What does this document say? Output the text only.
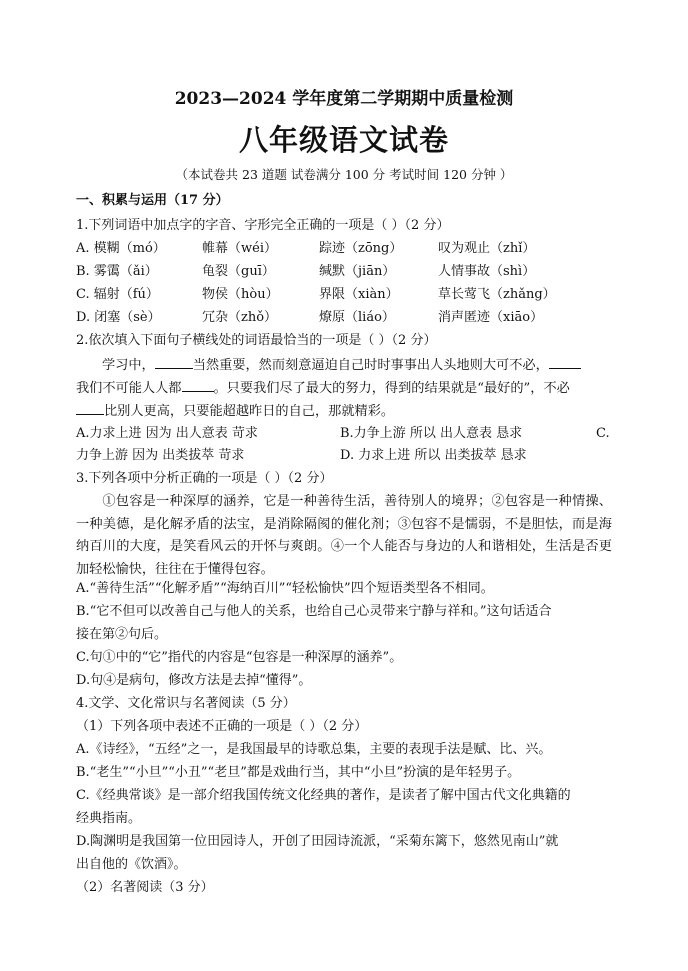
2023—2024 学年度第二学期期中质量检测
八年级语文试卷
（本试卷共 23 道题 试卷满分 100 分 考试时间 120 分钟 ）
一、积累与运用（17 分）
1.下列词语中加点字的字音、字形完全正确的一项是（ ）（2 分）
A. 模糊（mó）	帷幕（wéi）	踪迹（zōng）	叹为观止（zhǐ）
B. 雾霭（ǎi）	龟裂（guī）	缄默（jiān）	人情事故（shì）
C. 辐射（fú）	物侯（hòu）	界限（xiàn）	草长莺飞（zhǎng）
D. 闭塞（sè）	冗杂（zhǒ）	燎原（liáo）	消声匿迹（xiāo）
2.依次填入下面句子横线处的词语最恰当的一项是（ ）（2 分）
学习中，	当然重要，然而刻意逼迫自己时时事事出人头地则大可不必，
我们不可能人人都 。只要我们尽了最大的努力，得到的结果就是“最好的”，不必
比别人更高，只要能超越昨日的自己，那就精彩。
A.力求上进 因为 出人意表 苛求	B.力争上游 所以 出人意表 恳求	C.
力争上游 因为 出类拔萃 苛求	D. 力求上进 所以 出类拔萃 恳求
3.下列各项中分析正确的一项是（ ）（2 分）
①包容是一种深厚的涵养，它是一种善待生活，善待别人的境界；②包容是一种情操、一种美德，是化解矛盾的法宝，是消除隔阂的催化剂；③包容不是懦弱，不是胆怯，而是海纳百川的大度，是笑看风云的开怀与爽朗。④一个人能否与身边的人和谐相处，生活是否更加轻松愉快，往往在于懂得包容。
A.“善待生活”“化解矛盾”“海纳百川”“轻松愉快”四个短语类型各不相同。
B.“它不但可以改善自己与他人的关系，也给自己心灵带来宁静与祥和。”这句话适合
接在第②句后。
C.句①中的“它”指代的内容是“包容是一种深厚的涵养”。
D.句④是病句，修改方法是去掉“懂得”。
4.文学、文化常识与名著阅读（5 分）
（1）下列各项中表述不正确的一项是（ ）（2 分）
A.《诗经》，“五经”之一，是我国最早的诗歌总集，主要的表现手法是赋、比、兴。
B.“老生”“小旦”“小丑”“老旦”都是戏曲行当，其中“小旦”扮演的是年轻男子。
C.《经典常谈》是一部介绍我国传统文化经典的著作，是读者了解中国古代文化典籍的
经典指南。
D.陶渊明是我国第一位田园诗人，开创了田园诗流派，“采菊东篱下，悠然见南山”就
出自他的《饮酒》。
（2）名著阅读（3 分）
